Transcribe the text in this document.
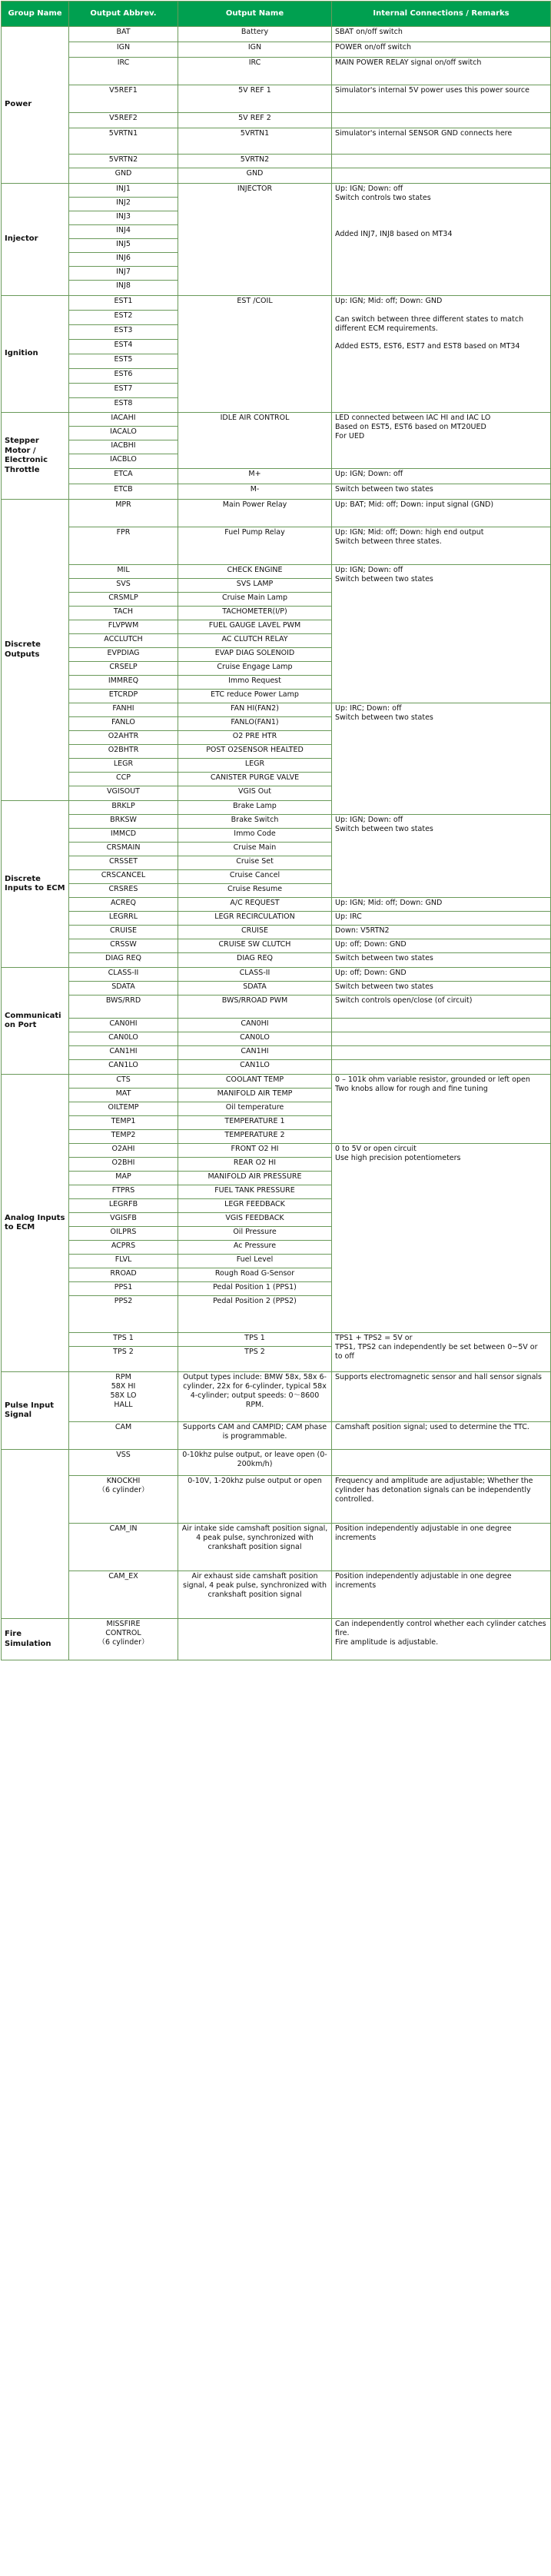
Group Name	Output Abbrev.	Output Name	Internal Connections / Remarks
Power	BAT	Battery	SBAT on/off switch
	IGN	IGN	POWER on/off switch
	IRC	IRC	MAIN POWER RELAY signal on/off switch
	V5REF1	5V REF 1	Simulator's internal 5V power uses this power source
	V5REF2	5V REF 2	
	5VRTN1	5VRTN1	Simulator's internal SENSOR GND connects here
	5VRTN2	5VRTN2	
	GND	GND	
Injector	INJ1	INJECTOR	Up: IGN; Down: off
Switch controls two states

Added INJ7, INJ8 based on MT34
	INJ2		
	INJ3		
	INJ4		
	INJ5		
	INJ6		
	INJ7		
	INJ8		
Ignition	EST1	EST /COIL	Up: IGN; Mid: off; Down: GND

Can switch between three different states to match different ECM requirements.

Added EST5, EST6, EST7 and EST8 based on MT34
	EST2		
	EST3		
	EST4		
	EST5		
	EST6		
	EST7		
	EST8		
Stepper Motor / Electronic Throttle	IACAHI	IDLE AIR CONTROL	LED connected between IAC HI and IAC LO
Based on EST5, EST6 based on MT20UED
For UED
	IACALO		
	IACBHI		
	IACBLO		
	ETCA	M+	Up: IGN; Down: off
	ETCB	M-	Switch between two states
Discrete Outputs	MPR	Main Power Relay	Up: BAT; Mid: off; Down: input signal (GND)
	FPR	Fuel Pump Relay	Up: IGN; Mid: off; Down: high end output
Switch between three states.
	MIL	CHECK ENGINE	Up: IGN; Down: off
Switch between two states
	SVS	SVS LAMP	
	CRSMLP	Cruise Main Lamp	
	TACH	TACHOMETER(I/P)	
	FLVPWM	FUEL GAUGE LAVEL PWM	
	ACCLUTCH	AC CLUTCH RELAY	
	EVPDIAG	EVAP DIAG SOLENOID	
	CRSELP	Cruise Engage Lamp	
	IMMREQ	Immo Request	
	ETCRDP	ETC reduce Power Lamp	
	FANHI	FAN HI(FAN2)	Up: IRC; Down: off
Switch between two states
	FANLO	FANLO(FAN1)	
	O2AHTR	O2 PRE HTR	
	O2BHTR	POST O2SENSOR HEALTED	
	LEGR	LEGR	
	CCP	CANISTER PURGE VALVE	
	VGISOUT	VGIS Out	
Discrete Inputs to ECM	BRKLP	Brake Lamp	
	BRKSW	Brake Switch	Up: IGN; Down: off
Switch between two states
	IMMCD	Immo Code	
	CRSMAIN	Cruise Main	
	CRSSET	Cruise Set	
	CRSCANCEL	Cruise Cancel	
	CRSRES	Cruise Resume	
	ACREQ	A/C REQUEST	Up: IGN; Mid: off; Down: GND
	LEGRRL	LEGR RECIRCULATION	Up: IRC
	CRUISE	CRUISE	Down: V5RTN2
	CRSSW	CRUISE SW CLUTCH	Up: off; Down: GND
	DIAG REQ	DIAG REQ	Switch between two states
Communication Port	CLASS-II	CLASS-II	Up: off; Down: GND
	SDATA	SDATA	Switch between two states
	BWS/RRD	BWS/RROAD PWM	Switch controls open/close (of circuit)
	CAN0HI	CAN0HI	
	CAN0LO	CAN0LO	
	CAN1HI	CAN1HI	
	CAN1LO	CAN1LO	
Analog Inputs to ECM	CTS	COOLANT TEMP	0 – 101k ohm variable resistor, grounded or left open
Two knobs allow for rough and fine tuning
	MAT	MANIFOLD AIR TEMP	
	OILTEMP	Oil temperature	
	TEMP1	TEMPERATURE 1	
	TEMP2	TEMPERATURE 2	
	O2AHI	FRONT O2 HI	0 to 5V or open circuit
Use high precision potentiometers
	O2BHI	REAR O2 HI	
	MAP	MANIFOLD AIR PRESSURE	
	FTPRS	FUEL TANK PRESSURE	
	LEGRFB	LEGR FEEDBACK	
	VGISFB	VGIS FEEDBACK	
	OILPRS	Oil Pressure	
	ACPRS	Ac Pressure	
	FLVL	Fuel Level	
	RROAD	Rough Road G-Sensor	
	PPS1	Pedal Position 1 (PPS1)	
	PPS2	Pedal Position 2 (PPS2)	
	TPS 1	TPS 1	TPS1 + TPS2 = 5V or
TPS1, TPS2 can independently be set between 0~5V or to off
	TPS 2	TPS 2	
Pulse Input Signal	RPM
58X HI
58X LO
HALL	Output types include: BMW 58x, 58x 6-cylinder, 22x for 6-cylinder, typical 58x 4-cylinder; output speeds: 0～8600 RPM.	Supports electromagnetic sensor and hall sensor signals
	CAM	Supports CAM and CAMPID; CAM phase is programmable.	Camshaft position signal; used to determine the TTC.
	VSS	0-10khz pulse output, or leave open (0-200km/h)	
	KNOCKHI
（6 cylinder）	0-10V, 1-20khz pulse output or open	Frequency and amplitude are adjustable; Whether the cylinder has detonation signals can be independently controlled.
	CAM_IN	Air intake side camshaft position signal, 4 peak pulse, synchronized with crankshaft position signal	Position independently adjustable in one degree increments
	CAM_EX	Air exhaust side camshaft position signal, 4 peak pulse, synchronized with crankshaft position signal	Position independently adjustable in one degree increments
Fire Simulation	MISSFIRE
CONTROL
（6 cylinder）		Can independently control whether each cylinder catches fire.
Fire amplitude is adjustable.
